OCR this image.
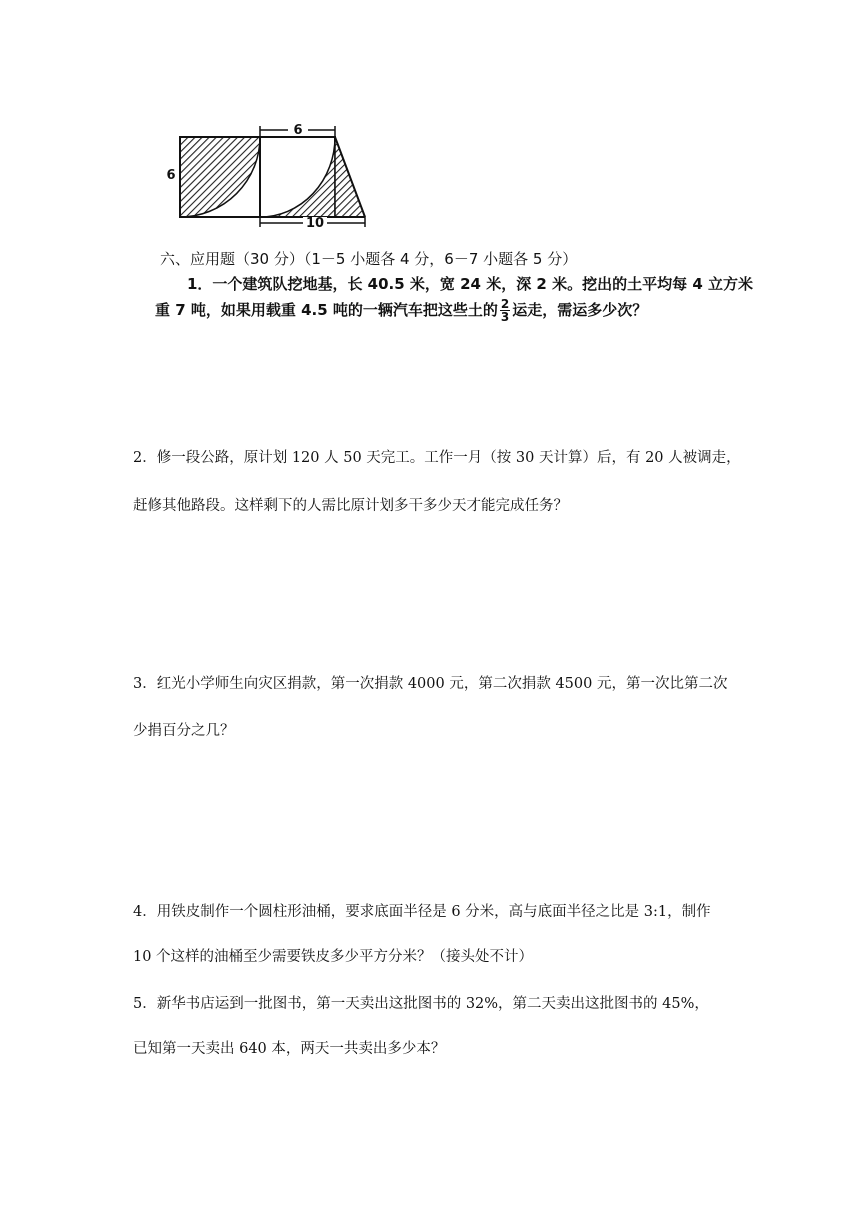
6
10
6
六、应用题（30 分）（1－5 小题各 4 分，6－7 小题各 5 分）
1．一个建筑队挖地基，长 40.5 米，宽 24 米，深 2 米。挖出的土平均每 4 立方米
重 7 吨，如果用载重 4.5 吨的一辆汽车把这些土的 $\frac{2}{3}$ 运走，需运多少次？
2．修一段公路，原计划 120 人 50 天完工。工作一月（按 30 天计算）后，有 20 人被调走，
赶修其他路段。这样剩下的人需比原计划多干多少天才能完成任务？
3．红光小学师生向灾区捐款，第一次捐款 4000 元，第二次捐款 4500 元，第一次比第二次
少捐百分之几？
4．用铁皮制作一个圆柱形油桶，要求底面半径是 6 分米，高与底面半径之比是 3:1，制作
10 个这样的油桶至少需要铁皮多少平方分米？（接头处不计）
5．新华书店运到一批图书，第一天卖出这批图书的 32%，第二天卖出这批图书的 45%，
已知第一天卖出 640 本，两天一共卖出多少本？
